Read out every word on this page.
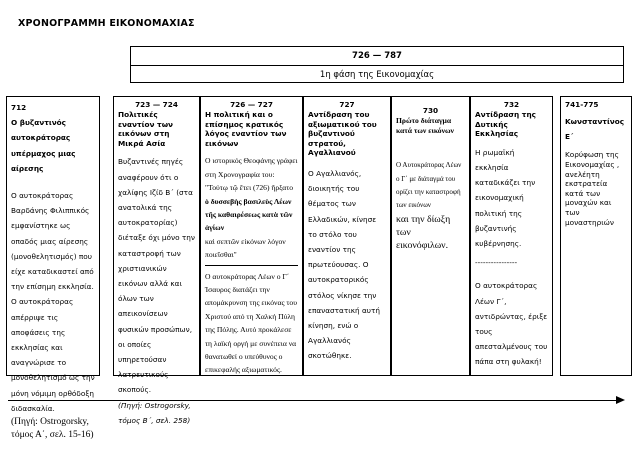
ΧΡΟΝΟΓΡΑΜΜΗ ΕΙΚΟΝΟΜΑΧΙΑΣ
726 — 787
1η φάση της Εικονομαχίας

712

Ο βυζαντινός αυτοκράτορας υπέρμαχος μιας αίρεσης

Ο αυτοκράτορας Βαρδάνης Φιλιππικός εμφανίστηκε ως οπαδός μιας αίρεσης (μονοθελητισμός) που είχε καταδικαστεί από την επίσημη εκκλησία. Ο αυτοκράτορας απέρριψε τις αποφάσεις της εκκλησίας και αναγνώρισε το μονοθελητισμό ως την μόνη νόμιμη ορθόδοξη διδασκαλία.

(Πηγή: Ostrogorsky, τόμος Α΄, σελ. 15-16)

723 — 724

Πολιτικές εναντίον των εικόνων στη Μικρά Ασία

Βυζαντινές πηγές αναφέρουν ότι ο χαλίφης Ιζίδ Β΄ (στα ανατολικά της αυτοκρατορίας) διέταξε όχι μόνο την καταστροφή των χριστιανικών εικόνων αλλά και όλων των απεικονίσεων φυσικών προσώπων, οι οποίες υπηρετούσαν λατρευτικούς σκοπούς.

(Πηγή: Ostrogorsky, τόμος Β΄, σελ. 258)

726 — 727

Η πολιτική και ο επίσημος κρατικός λόγος εναντίον των εικόνων

Ο ιστορικός Θεοφάνης γράφει στη Χρονογραφία του:

"Τούτῳ τῷ ἔτει (726) ἤρξατο

ὁ δυσσεβὴς βασιλεὺς Λέων τῆς καθαιρέσεως κατὰ τῶν ἁγίων

καὶ σεπτῶν εἰκόνων λόγον ποιεῖσθαι"

Ο αυτοκράτορας Λέων ο Γ΄ Ίσαυρος διατάζει την απομάκρυνση της εικόνας του Χριστού από τη Χαλκή Πύλη της Πόλης. Αυτό προκάλεσε τη λαϊκή οργή με συνέπεια να θανατωθεί ο υπεύθυνος ο επικεφαλής αξιωματικός.

727

Αντίδραση του αξιωματικού του βυζαντινού στρατού, Αγαλλιανού

Ο Αγαλλιανός, διοικητής του θέματος των Ελλαδικών, κίνησε το στόλο του εναντίον της πρωτεύουσας. Ο αυτοκρατορικός στόλος νίκησε την επαναστατική αυτή κίνηση, ενώ ο Αγαλλιανός σκοτώθηκε.

730

Πρώτο διάταγμα κατά των εικόνων

Ο Αυτοκράτορας Λέων ο Γ΄ με διάταγμά του ορίζει την καταστροφή των εικόνων

και την δίωξη των εικονόφιλων.

732

Αντίδραση της Δυτικής Εκκλησίας

Η ρωμαϊκή εκκλησία καταδικάζει την εικονομαχική πολιτική της βυζαντινής κυβέρνησης.

----------------

Ο αυτοκράτορας Λέων Γ΄, αντιδρώντας, έριξε τους απεσταλμένους του πάπα στη φυλακή!

741-775

Κωνσταντίνος Ε΄

Κορύφωση της Εικονομαχίας , ανελέητη εκστρατεία κατά των μοναχών και των μοναστηριών
